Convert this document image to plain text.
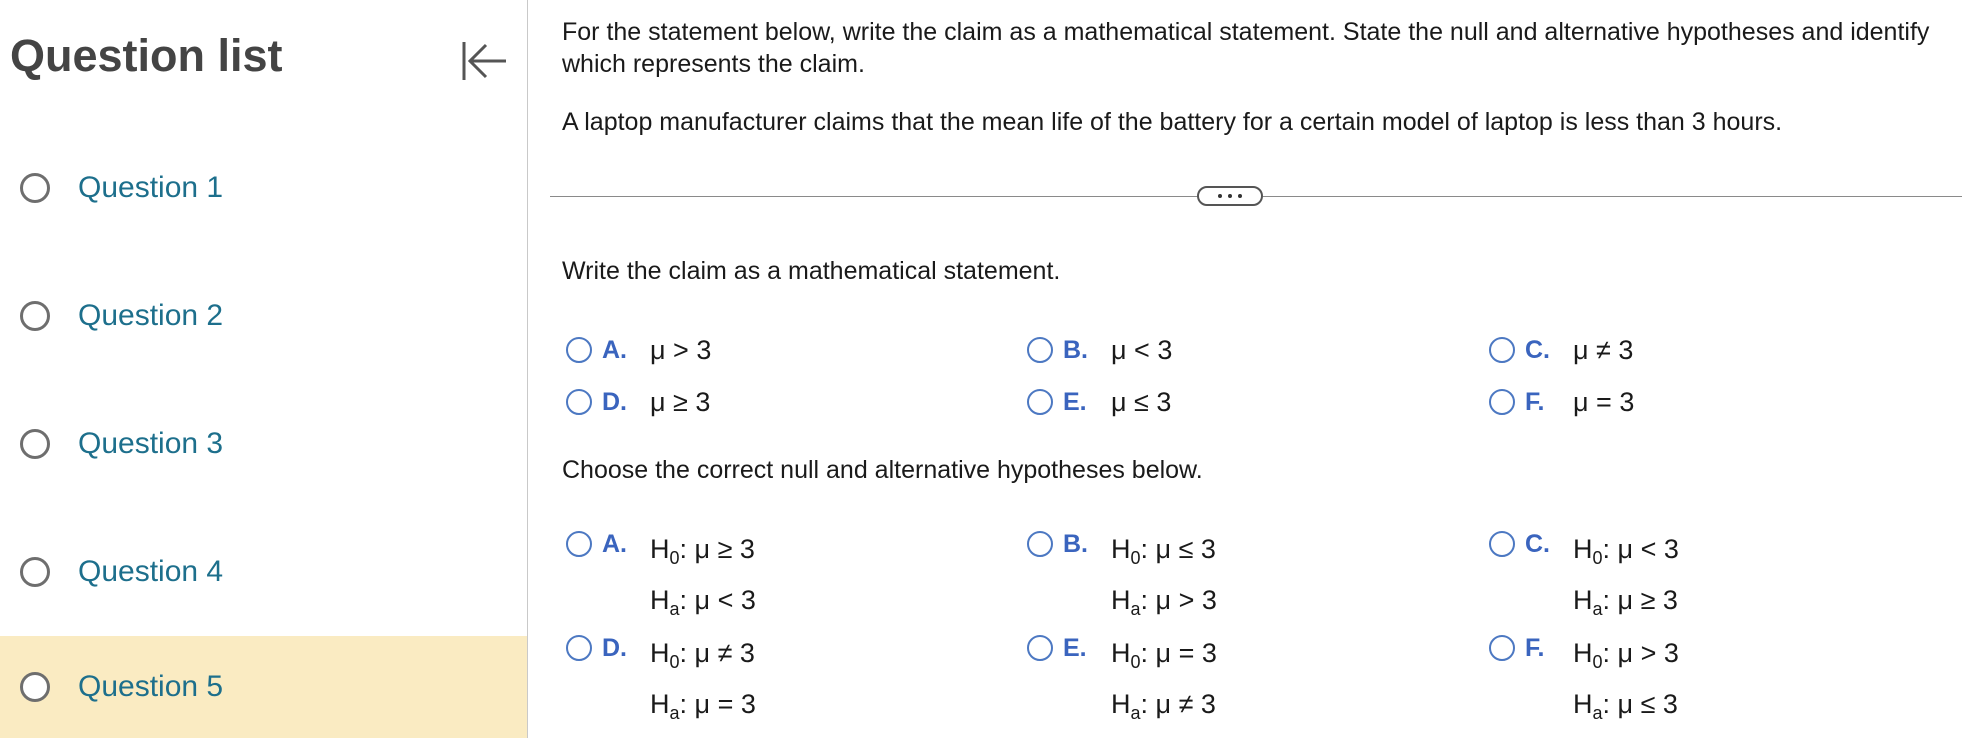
Question list
Question 1
Question 2
Question 3
Question 4
Question 5
For the statement below, write the claim as a mathematical statement. State the null and alternative hypotheses and identify which represents the claim.
A laptop manufacturer claims that the mean life of the battery for a certain model of laptop is less than 3 hours.
Write the claim as a mathematical statement.
A. μ > 3	B. μ < 3	C. μ ≠ 3
D. μ ≥ 3	E. μ ≤ 3	F.	μ = 3
Choose the correct null and alternative hypotheses below.
A. $H_0$: μ ≥ 3
$H_a$: μ < 3
B. $H_0$: μ ≤ 3
$H_a$: μ > 3
C. $H_0$: μ < 3
$H_a$: μ ≥ 3
D. $H_0$: μ ≠ 3
$H_a$: μ = 3
E. $H_0$: μ = 3
$H_a$: μ ≠ 3
F.	$H_0$: μ > 3
$H_a$: μ ≤ 3
